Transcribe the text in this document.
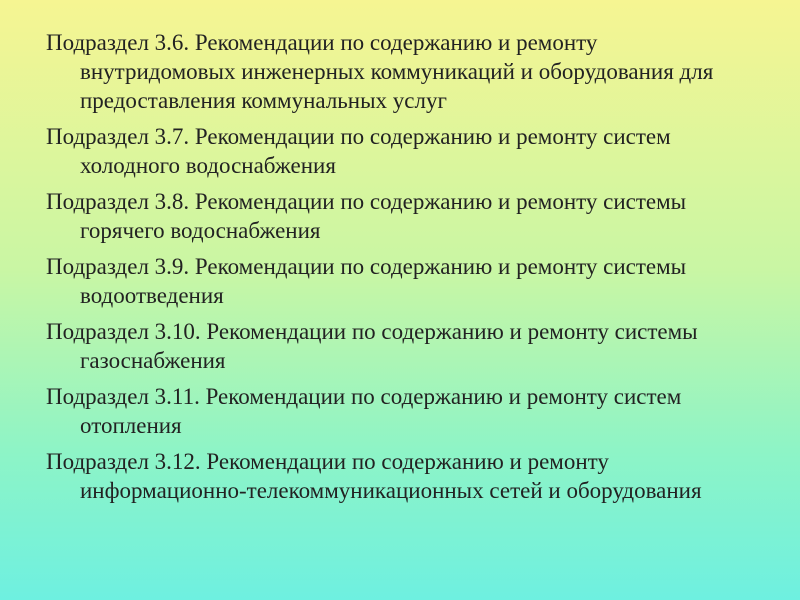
Подраздел 3.6. Рекомендации по содержанию и ремонту внутридомовых инженерных коммуникаций и оборудования для предоставления коммунальных услуг
Подраздел 3.7. Рекомендации по содержанию и ремонту систем холодного водоснабжения
Подраздел 3.8. Рекомендации по содержанию и ремонту системы горячего водоснабжения
Подраздел 3.9. Рекомендации по содержанию и ремонту системы водоотведения
Подраздел 3.10. Рекомендации по содержанию и ремонту системы газоснабжения
Подраздел 3.11. Рекомендации по содержанию и ремонту систем отопления
Подраздел 3.12. Рекомендации по содержанию и ремонту информационно-телекоммуникационных сетей и оборудования
